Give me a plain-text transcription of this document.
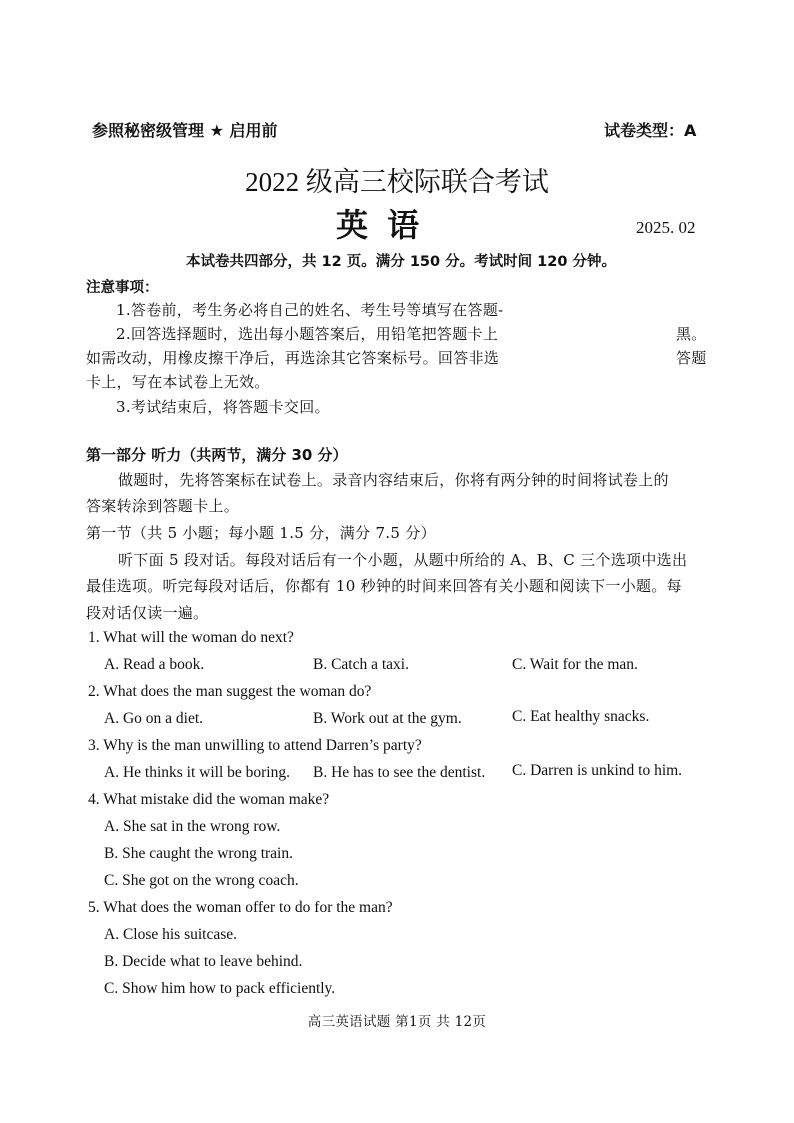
参照秘密级管理 ★ 启用前	试卷类型：A
2022 级高三校际联合考试
英 语	2025. 02
本试卷共四部分，共 12 页。满分 150 分。考试时间 120 分钟。
注意事项：
1.答卷前，考生务必将自己的姓名、考生号等填写在答题-
2.回答选择题时，选出每小题答案后，用铅笔把答题卡上	黑。
如需改动，用橡皮擦干净后，再选涂其它答案标号。回答非选	答题
卡上，写在本试卷上无效。
3.考试结束后，将答题卡交回。
第一部分 听力（共两节，满分 30 分）
做题时，先将答案标在试卷上。录音内容结束后，你将有两分钟的时间将试卷上的
答案转涂到答题卡上。
第一节（共 5 小题；每小题 1.5 分，满分 7.5 分）
听下面 5 段对话。每段对话后有一个小题，从题中所给的 A、B、C 三个选项中选出
最佳选项。听完每段对话后，你都有 10 秒钟的时间来回答有关小题和阅读下一小题。每
段对话仅读一遍。
1. What will the woman do next?
A. Read a book.	B. Catch a taxi.	C. Wait for the man.
2. What does the man suggest the woman do?
A. Go on a diet.	B. Work out at the gym.	C. Eat healthy snacks.
3. Why is the man unwilling to attend Darren’s party?
A. He thinks it will be boring. B. He has to see the dentist. C. Darren is unkind to him.
4. What mistake did the woman make?
A. She sat in the wrong row.
B. She caught the wrong train.
C. She got on the wrong coach.
5. What does the woman offer to do for the man?
A. Close his suitcase.
B. Decide what to leave behind.
C. Show him how to pack efficiently.
高三英语试题 第1页 共 12页
